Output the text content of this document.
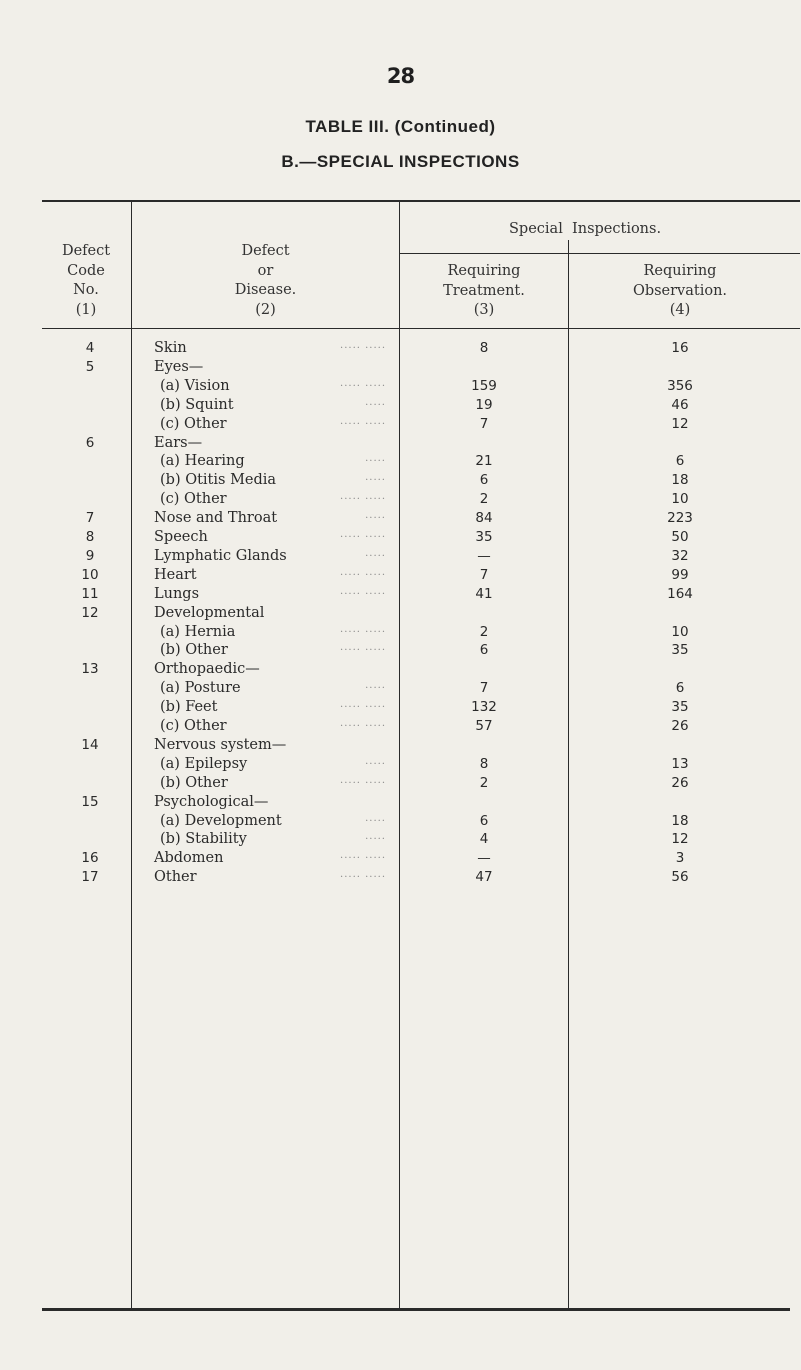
28
TABLE III. (Continued)
B.—SPECIAL INSPECTIONS
Defect
Code
No.
(1)
Defect
or
Disease.
(2)
Special Inspections.
Requiring
Treatment.
(3)
Requiring
Observation.
(4)
4	Skin	..... .....	8	16
5	Eyes—
(a) Vision	..... .....	159	356
(b) Squint	.....	19	46
(c) Other	..... .....	7	12
6	Ears—
(a) Hearing	.....	21	6
(b) Otitis Media	.....	6	18
(c) Other	..... .....	2	10
7	Nose and Throat	.....	84	223
8	Speech	..... .....	35	50
9	Lymphatic Glands	.....	—	32
10	Heart	..... .....	7	99
11	Lungs	..... .....	41	164
12	Developmental
(a) Hernia	..... .....	2	10
(b) Other	..... .....	6	35
13	Orthopaedic—
(a) Posture	.....	7	6
(b) Feet	..... .....	132	35
(c) Other	..... .....	57	26
14	Nervous system—
(a) Epilepsy	.....	8	13
(b) Other	..... .....	2	26
15	Psychological—
(a) Development	.....	6	18
(b) Stability	.....	4	12
16	Abdomen	..... .....	—	3
17	Other	..... .....	47	56
